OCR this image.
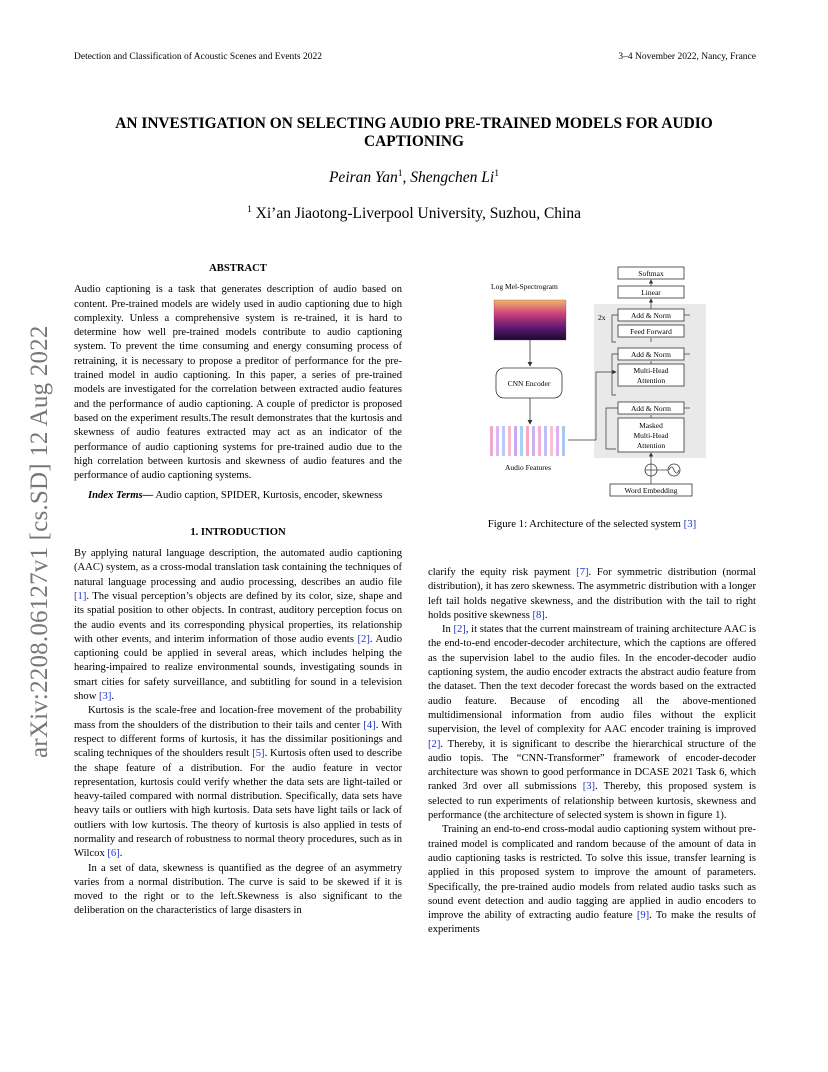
Detection and Classification of Acoustic Scenes and Events 2022	3–4 November 2022, Nancy, France
AN INVESTIGATION ON SELECTING AUDIO PRE-TRAINED MODELS FOR AUDIO
CAPTIONING
Peiran Yan$^1$, Shengchen Li$^1$
$^1$ Xi’an Jiaotong-Liverpool University, Suzhou, China
arXiv:2208.06127v1 [cs.SD] 12 Aug 2022
ABSTRACT

Audio captioning is a task that generates description of audio based on content. Pre-trained models are widely used in audio captioning due to high complexity. Unless a comprehensive system is re-trained, it is hard to determine how well pre-trained models contribute to audio captioning system. To prevent the time consuming and energy consuming process of retraining, it is necessary to propose a preditor of performance for the pre-trained model in audio captioning. In this paper, a series of pre-trained models are investigated for the correlation between extracted audio features and the performance of audio captioning. A couple of predictor is proposed based on the experiment results.The result demonstrates that the kurtosis and skewness of audio features extracted may act as an indicator of the performance of audio captioning systems for pre-trained audio due to the high correlation between kurtosis and skewness of audio features and the performance of audio captioning systems.

Index Terms— Audio caption, SPIDER, Kurtosis, encoder, skewness

1. INTRODUCTION

By applying natural language description, the automated audio captioning (AAC) system, as a cross-modal translation task containing the techniques of natural language processing and audio processing, describes an audio file [1]. The visual perception’s objects are defined by its color, size, shape and its spatial position to other objects. In contrast, auditory perception focus on the audio events and its corresponding physical properties, its relationship with other events, and interim information of those audio events [2]. Audio captioning could be applied in several areas, which includes helping the hearing-impaired to realize environmental sounds, investigating sounds in smart cities for safety surveillance, and subtitling for sound in a television show [3].

Kurtosis is the scale-free and location-free movement of the probability mass from the shoulders of the distribution to their tails and center [4]. With respect to different forms of kurtosis, it has the dissimilar positionings and scaling techniques of the shoulders result [5]. Kurtosis often used to describe the shape feature of a distribution. For the audio feature in vector representation, kurtosis could verify whether the data sets are light-tailed or heavy-tailed compared with normal distribution. Specifically, data sets have heavy tails or outliers with high kurtosis. Data sets have light tails or lack of outliers with low kurtosis. The theory of kurtosis is also applied in tests of normality and research of robustness to normal theory procedures, such as in Wilcox [6].

In a set of data, skewness is quantified as the degree of an asymmetry varies from a normal distribution. The curve is said to be skewed if it is moved to the right or to the left.Skewness is also significant to the deliberation on the characteristics of large disasters in

Log Mel-Spectrogram
CNN Encoder
Audio Features
Softmax
Linear
2x	Add & Norm
Feed Forward
Add & Norm
Multi-Head
Attention
Add & Norm
Masked
Multi-Head
Attention
Word Embedding
Figure 1: Architecture of the selected system [3]

clarify the equity risk payment [7]. For symmetric distribution (normal distribution), it has zero skewness. The asymmetric distribution with a longer left tail holds negative skewness, and the distribution with the tail to right holds positive skewness [8].

In [2], it states that the current mainstream of training architecture AAC is the end-to-end encoder-decoder architecture, which the captions are offered as the supervision label to the audio files. In the encoder-decoder audio captioning system, the audio encoder extracts the abstract audio feature from the dataset. Then the text decoder forecast the words based on the extracted audio feature. Because of encoding all the above-mentioned multidimensional information from audio files without the explicit supervision, the level of complexity for AAC encoder training is improved [2]. Thereby, it is significant to describe the hierarchical structure of the audio topis. The “CNN-Transformer” framework of encoder-decoder architecture was shown to good performance in DCASE 2021 Task 6, which ranked 3rd over all submissions [3]. Thereby, this proposed system is selected to run experiments of relationship between kurtosis, skewness and performance (the architecture of selected system is shown in figure 1).

Training an end-to-end cross-modal audio captioning system without pre-trained model is complicated and random because of the amount of data in audio captioning tasks is restricted. To solve this issue, transfer learning is applied in this proposed system to improve the amount of parameters. Specifically, the pre-trained audio models from related audio tasks such as sound event detection and audio tagging are applied in audio encoders to improve the ability of extracting audio feature [9]. To make the results of experiments
